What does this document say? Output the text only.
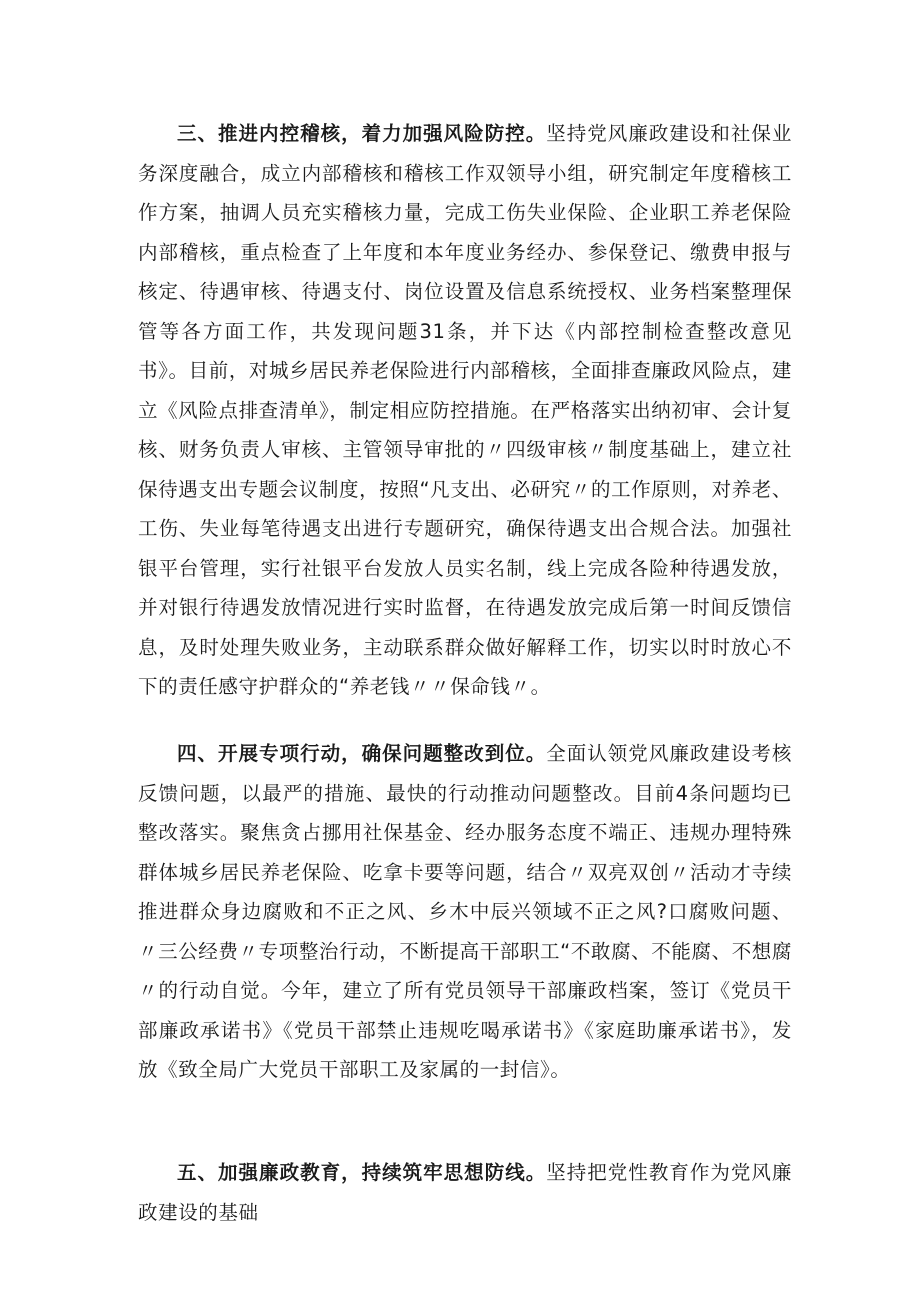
三、推进内控稽核，着力加强风险防控。坚持党风廉政建设和社保业务深度融合，成立内部稽核和稽核工作双领导小组，研究制定年度稽核工作方案，抽调人员充实稽核力量，完成工伤失业保险、企业职工养老保险内部稽核，重点检查了上年度和本年度业务经办、参保登记、缴费申报与核定、待遇审核、待遇支付、岗位设置及信息系统授权、业务档案整理保管等各方面工作，共发现问题31条，并下达《内部控制检查整改意见书》。目前，对城乡居民养老保险进行内部稽核，全面排查廉政风险点，建立《风险点排查清单》，制定相应防控措施。在严格落实出纳初审、会计复核、财务负责人审核、主管领导审批的〃四级审核〃制度基础上，建立社保待遇支出专题会议制度，按照“凡支出、必研究〃的工作原则，对养老、工伤、失业每笔待遇支出进行专题研究，确保待遇支出合规合法。加强社银平台管理，实行社银平台发放人员实名制，线上完成各险种待遇发放，并对银行待遇发放情况进行实时监督，在待遇发放完成后第一时间反馈信息，及时处理失败业务，主动联系群众做好解释工作，切实以时时放心不下的责任感守护群众的“养老钱〃〃保命钱〃。

四、开展专项行动，确保问题整改到位。全面认领党风廉政建设考核反馈问题，以最严的措施、最快的行动推动问题整改。目前4条问题均已整改落实。聚焦贪占挪用社保基金、经办服务态度不端正、违规办理特殊群体城乡居民养老保险、吃拿卡要等问题，结合〃双亮双创〃活动才寺续推进群众身边腐败和不正之风、乡木中辰兴领域不正之风?口腐败问题、〃三公经费〃专项整治行动，不断提高干部职工“不敢腐、不能腐、不想腐〃的行动自觉。今年，建立了所有党员领导干部廉政档案，签订《党员干部廉政承诺书》《党员干部禁止违规吃喝承诺书》《家庭助廉承诺书》，发放《致全局广大党员干部职工及家属的一封信》。

五、加强廉政教育，持续筑牢思想防线。坚持把党性教育作为党风廉政建设的基础
